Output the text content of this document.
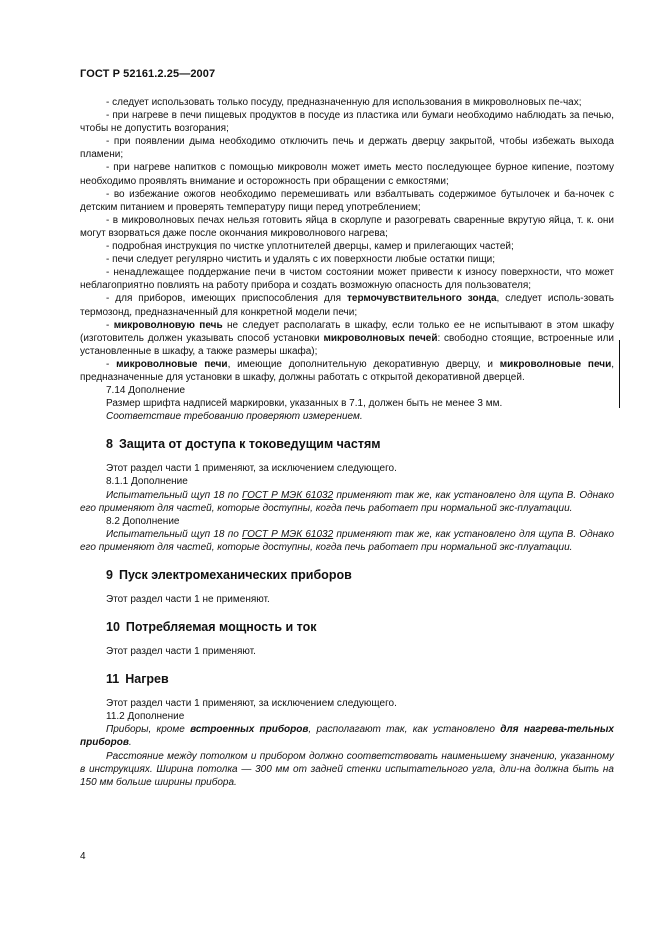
ГОСТ Р 52161.2.25—2007

- следует использовать только посуду, предназначенную для использования в микроволновых пе-чах;

- при нагреве в печи пищевых продуктов в посуде из пластика или бумаги необходимо наблюдать за печью, чтобы не допустить возгорания;

- при появлении дыма необходимо отключить печь и держать дверцу закрытой, чтобы избежать выхода пламени;

- при нагреве напитков с помощью микроволн может иметь место последующее бурное кипение, поэтому необходимо проявлять внимание и осторожность при обращении с емкостями;

- во избежание ожогов необходимо перемешивать или взбалтывать содержимое бутылочек и ба-ночек с детским питанием и проверять температуру пищи перед употреблением;

- в микроволновых печах нельзя готовить яйца в скорлупе и разогревать сваренные вкрутую яйца, т. к. они могут взорваться даже после окончания микроволнового нагрева;

- подробная инструкция по чистке уплотнителей дверцы, камер и прилегающих частей;

- печи следует регулярно чистить и удалять с их поверхности любые остатки пищи;

- ненадлежащее поддержание печи в чистом состоянии может привести к износу поверхности, что может неблагоприятно повлиять на работу прибора и создать возможную опасность для пользователя;

- для приборов, имеющих приспособления для термочувствительного зонда, следует исполь-зовать термозонд, предназначенный для конкретной модели печи;

- микроволновую печь не следует располагать в шкафу, если только ее не испытывают в этом шкафу (изготовитель должен указывать способ установки микроволновых печей: свободно стоящие, встроенные или установленные в шкафу, а также размеры шкафа);

- микроволновые печи, имеющие дополнительную декоративную дверцу, и микроволновые печи, предназначенные для установки в шкафу, должны работать с открытой декоративной дверцей.

7.14 Дополнение

Размер шрифта надписей маркировки, указанных в 7.1, должен быть не менее 3 мм.

Соответствие требованию проверяют измерением.

8 Защита от доступа к токоведущим частям

Этот раздел части 1 применяют, за исключением следующего.

8.1.1 Дополнение

Испытательный щуп 18 по ГОСТ Р МЭК 61032 применяют так же, как установлено для щупа В. Однако его применяют для частей, которые доступны, когда печь работает при нормальной экс-плуатации.

8.2 Дополнение

Испытательный щуп 18 по ГОСТ Р МЭК 61032 применяют так же, как установлено для щупа В. Однако его применяют для частей, которые доступны, когда печь работает при нормальной экс-плуатации.

9 Пуск электромеханических приборов

Этот раздел части 1 не применяют.

10 Потребляемая мощность и ток

Этот раздел части 1 применяют.

11 Нагрев

Этот раздел части 1 применяют, за исключением следующего.

11.2 Дополнение

Приборы, кроме встроенных приборов, располагают так, как установлено для нагрева-тельных приборов.

Расстояние между потолком и прибором должно соответствовать наименьшему значению, указанному в инструкциях. Ширина потолка — 300 мм от задней стенки испытательного угла, дли-на должна быть на 150 мм больше ширины прибора.

4
